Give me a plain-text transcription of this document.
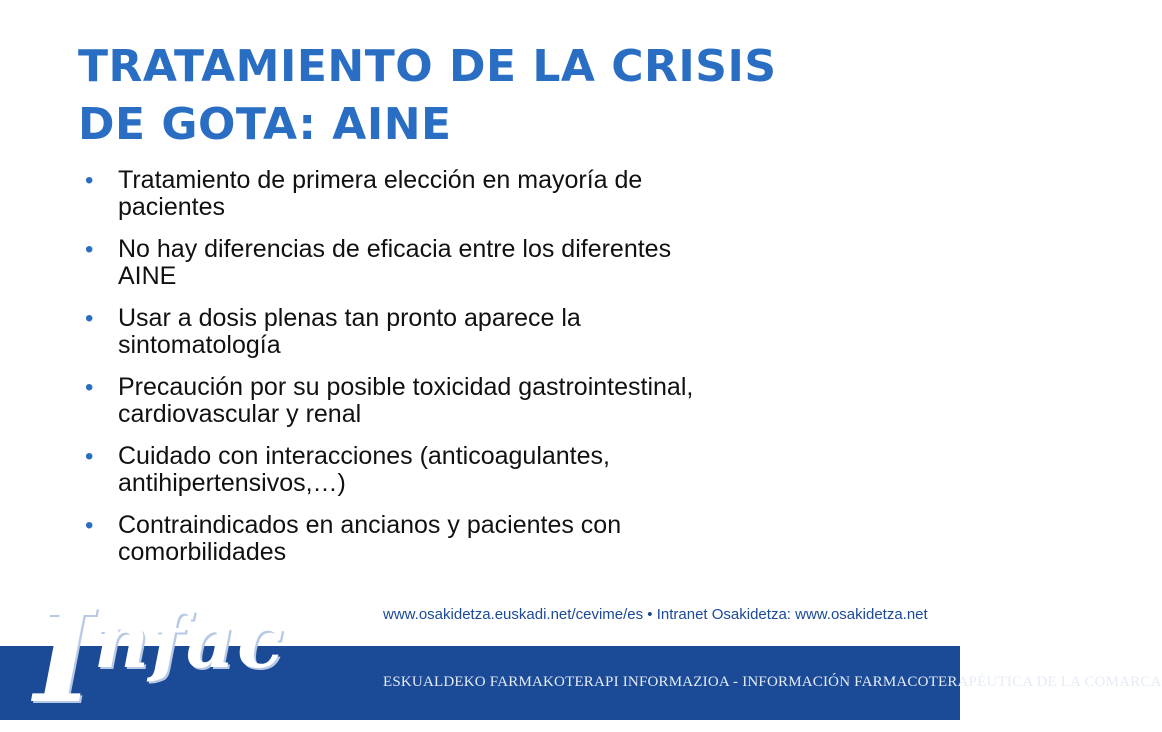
TRATAMIENTO DE LA CRISIS
DE GOTA: AINE
• Tratamiento de primera elección en mayoría de
pacientes
• No hay diferencias de eficacia entre los diferentes
AINE
• Usar a dosis plenas tan pronto aparece la
sintomatología
• Precaución por su posible toxicidad gastrointestinal,
cardiovascular y renal
• Cuidado con interacciones (anticoagulantes,
antihipertensivos,…)
• Contraindicados en ancianos y pacientes con
comorbilidades
Infac	www.osakidetza.euskadi.net/cevime/es • Intranet Osakidetza: www.osakidetza.net
ESKUALDEKO FARMAKOTERAPI INFORMAZIOA - INFORMACIÓN FARMACOTERAPÉUTICA DE LA COMARCA
